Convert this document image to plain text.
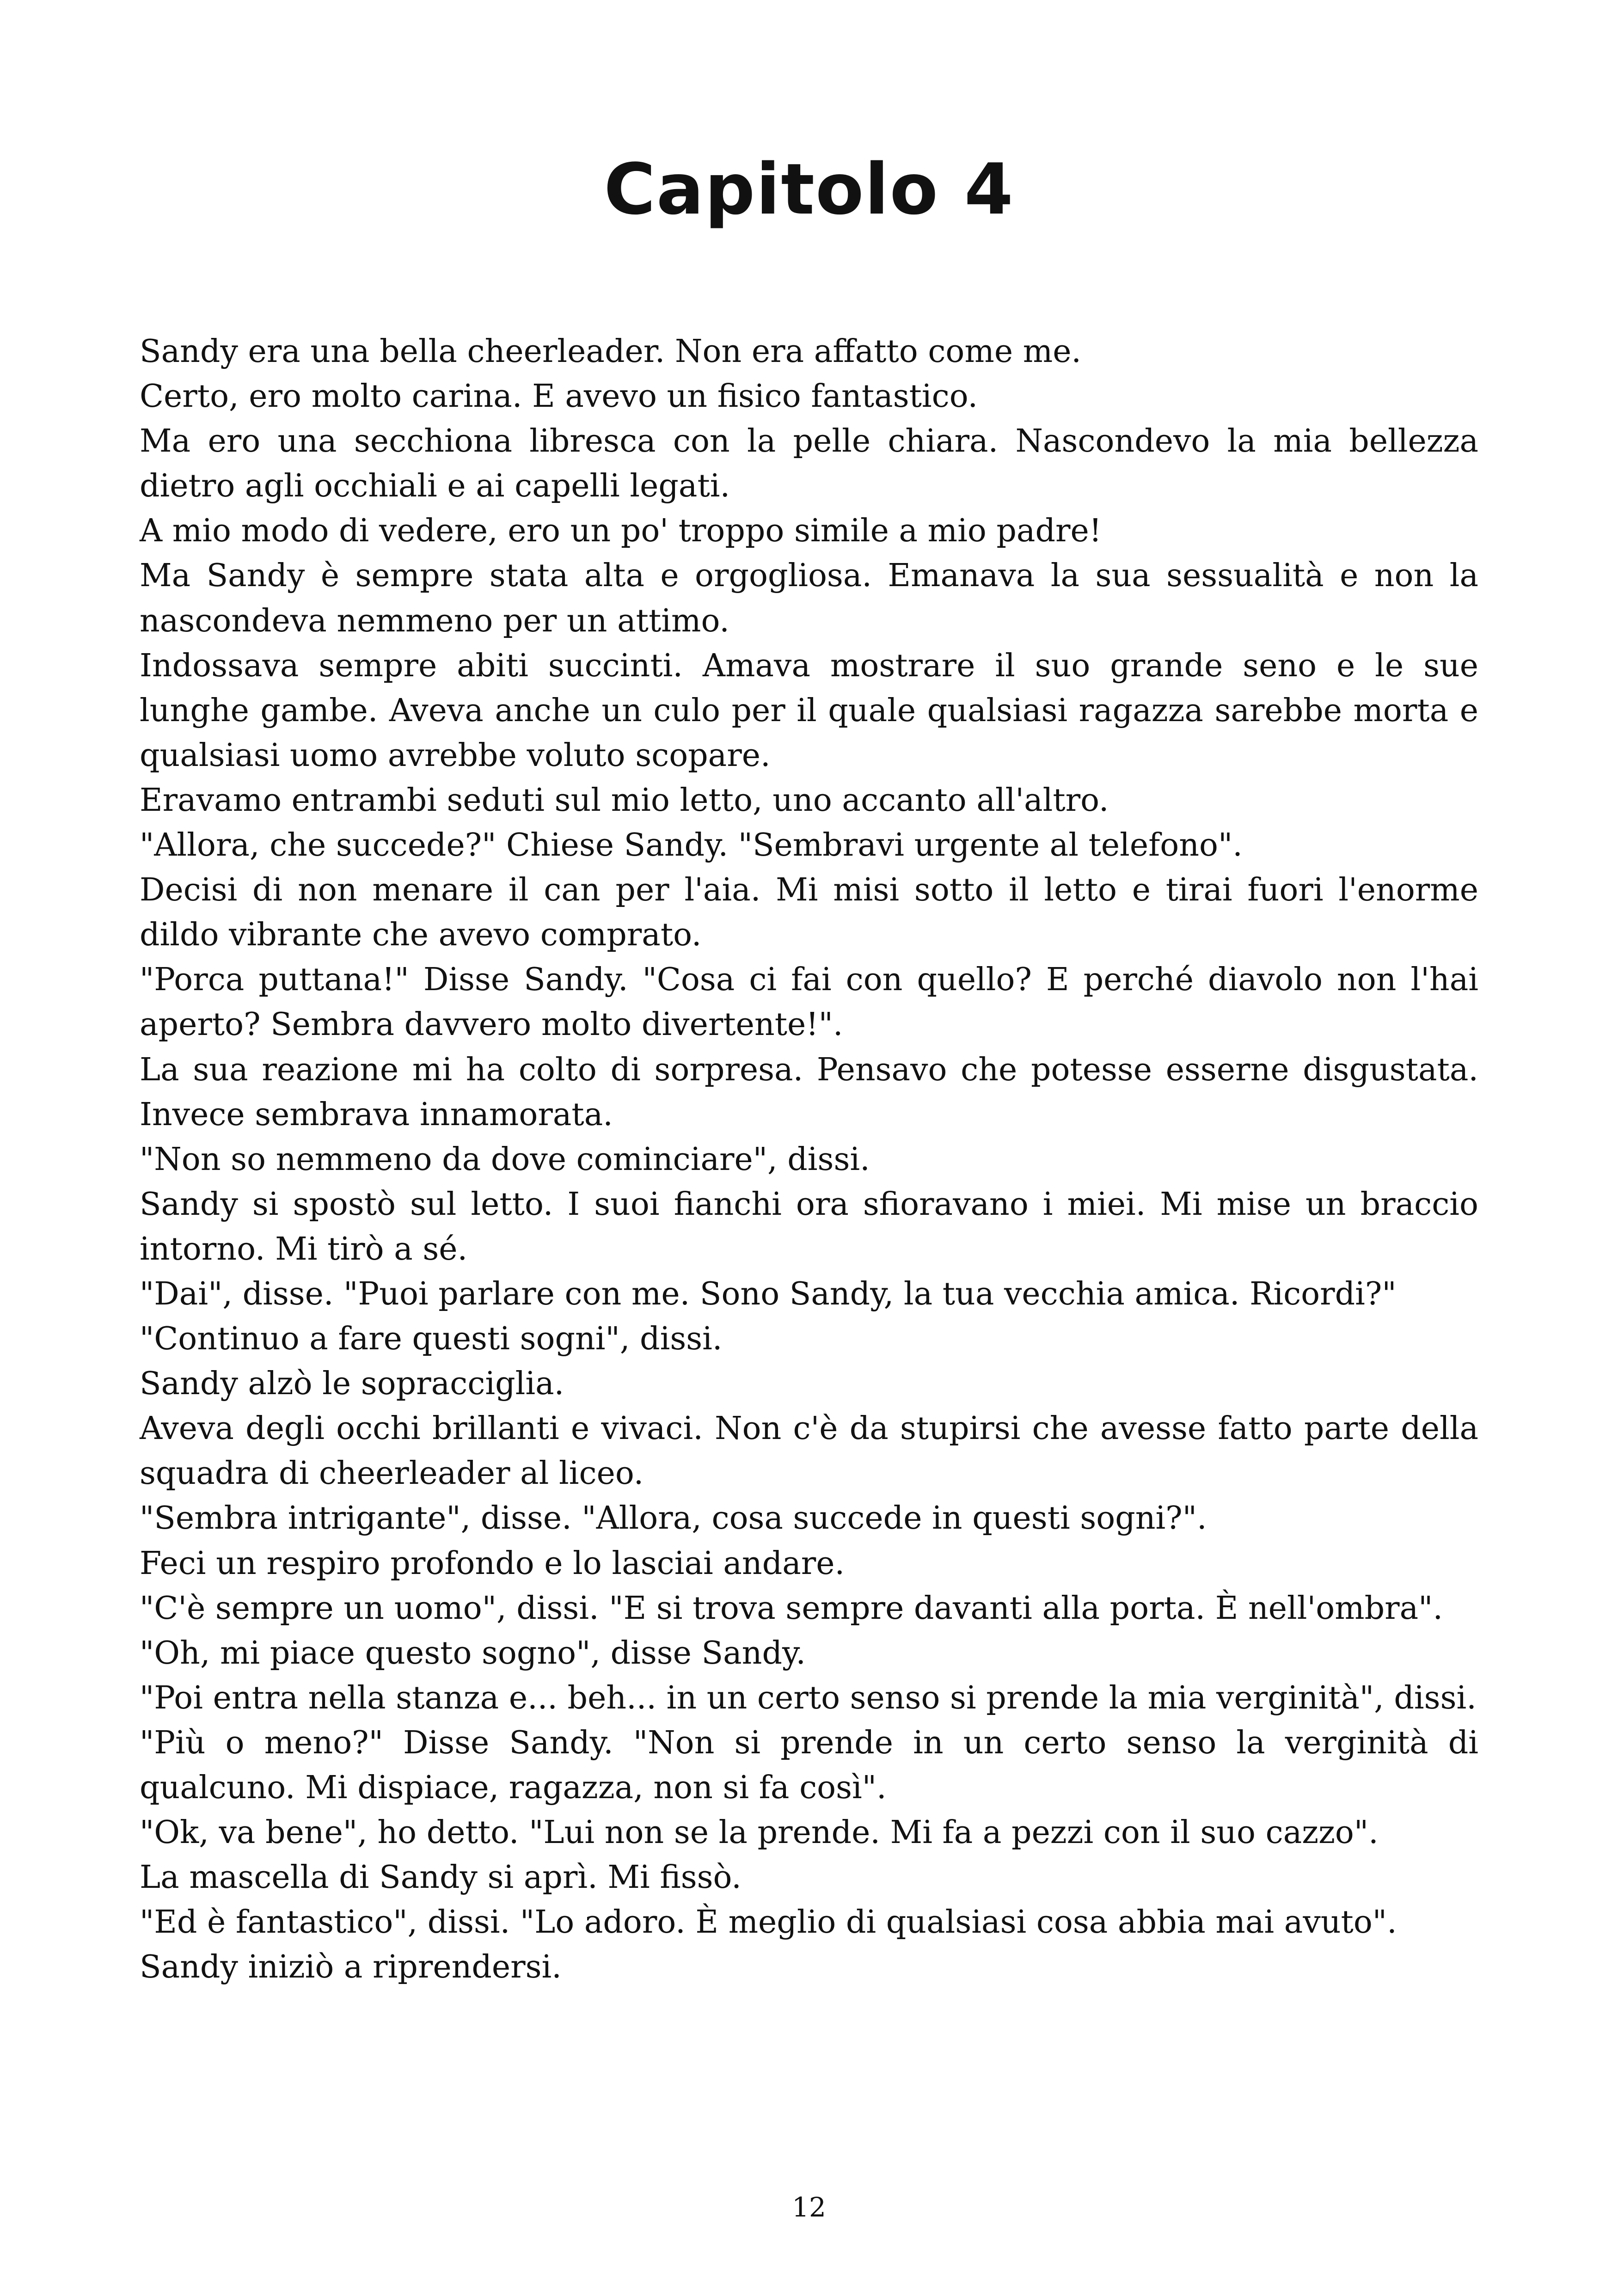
Capitolo 4

Sandy era una bella cheerleader. Non era affatto come me.

Certo, ero molto carina. E avevo un fisico fantastico.

Ma ero una secchiona libresca con la pelle chiara. Nascondevo la mia bellezza dietro agli occhiali e ai capelli legati.

A mio modo di vedere, ero un po' troppo simile a mio padre!

Ma Sandy è sempre stata alta e orgogliosa. Emanava la sua sessualità e non la nascondeva nemmeno per un attimo.

Indossava sempre abiti succinti. Amava mostrare il suo grande seno e le sue lunghe gambe. Aveva anche un culo per il quale qualsiasi ragazza sarebbe morta e qualsiasi uomo avrebbe voluto scopare.

Eravamo entrambi seduti sul mio letto, uno accanto all'altro.

"Allora, che succede?" Chiese Sandy. "Sembravi urgente al telefono".

Decisi di non menare il can per l'aia. Mi misi sotto il letto e tirai fuori l'enorme dildo vibrante che avevo comprato.

"Porca puttana!" Disse Sandy. "Cosa ci fai con quello? E perché diavolo non l'hai aperto? Sembra davvero molto divertente!".

La sua reazione mi ha colto di sorpresa. Pensavo che potesse esserne disgustata. Invece sembrava innamorata.

"Non so nemmeno da dove cominciare", dissi.

Sandy si spostò sul letto. I suoi fianchi ora sfioravano i miei. Mi mise un braccio intorno. Mi tirò a sé.

"Dai", disse. "Puoi parlare con me. Sono Sandy, la tua vecchia amica. Ricordi?"

"Continuo a fare questi sogni", dissi.

Sandy alzò le sopracciglia.

Aveva degli occhi brillanti e vivaci. Non c'è da stupirsi che avesse fatto parte della squadra di cheerleader al liceo.

"Sembra intrigante", disse. "Allora, cosa succede in questi sogni?".

Feci un respiro profondo e lo lasciai andare.

"C'è sempre un uomo", dissi. "E si trova sempre davanti alla porta. È nell'ombra".

"Oh, mi piace questo sogno", disse Sandy.

"Poi entra nella stanza e... beh... in un certo senso si prende la mia verginità", dissi.

"Più o meno?" Disse Sandy. "Non si prende in un certo senso la verginità di qualcuno. Mi dispiace, ragazza, non si fa così".

"Ok, va bene", ho detto. "Lui non se la prende. Mi fa a pezzi con il suo cazzo".

La mascella di Sandy si aprì. Mi fissò.

"Ed è fantastico", dissi. "Lo adoro. È meglio di qualsiasi cosa abbia mai avuto".

Sandy iniziò a riprendersi.

12
